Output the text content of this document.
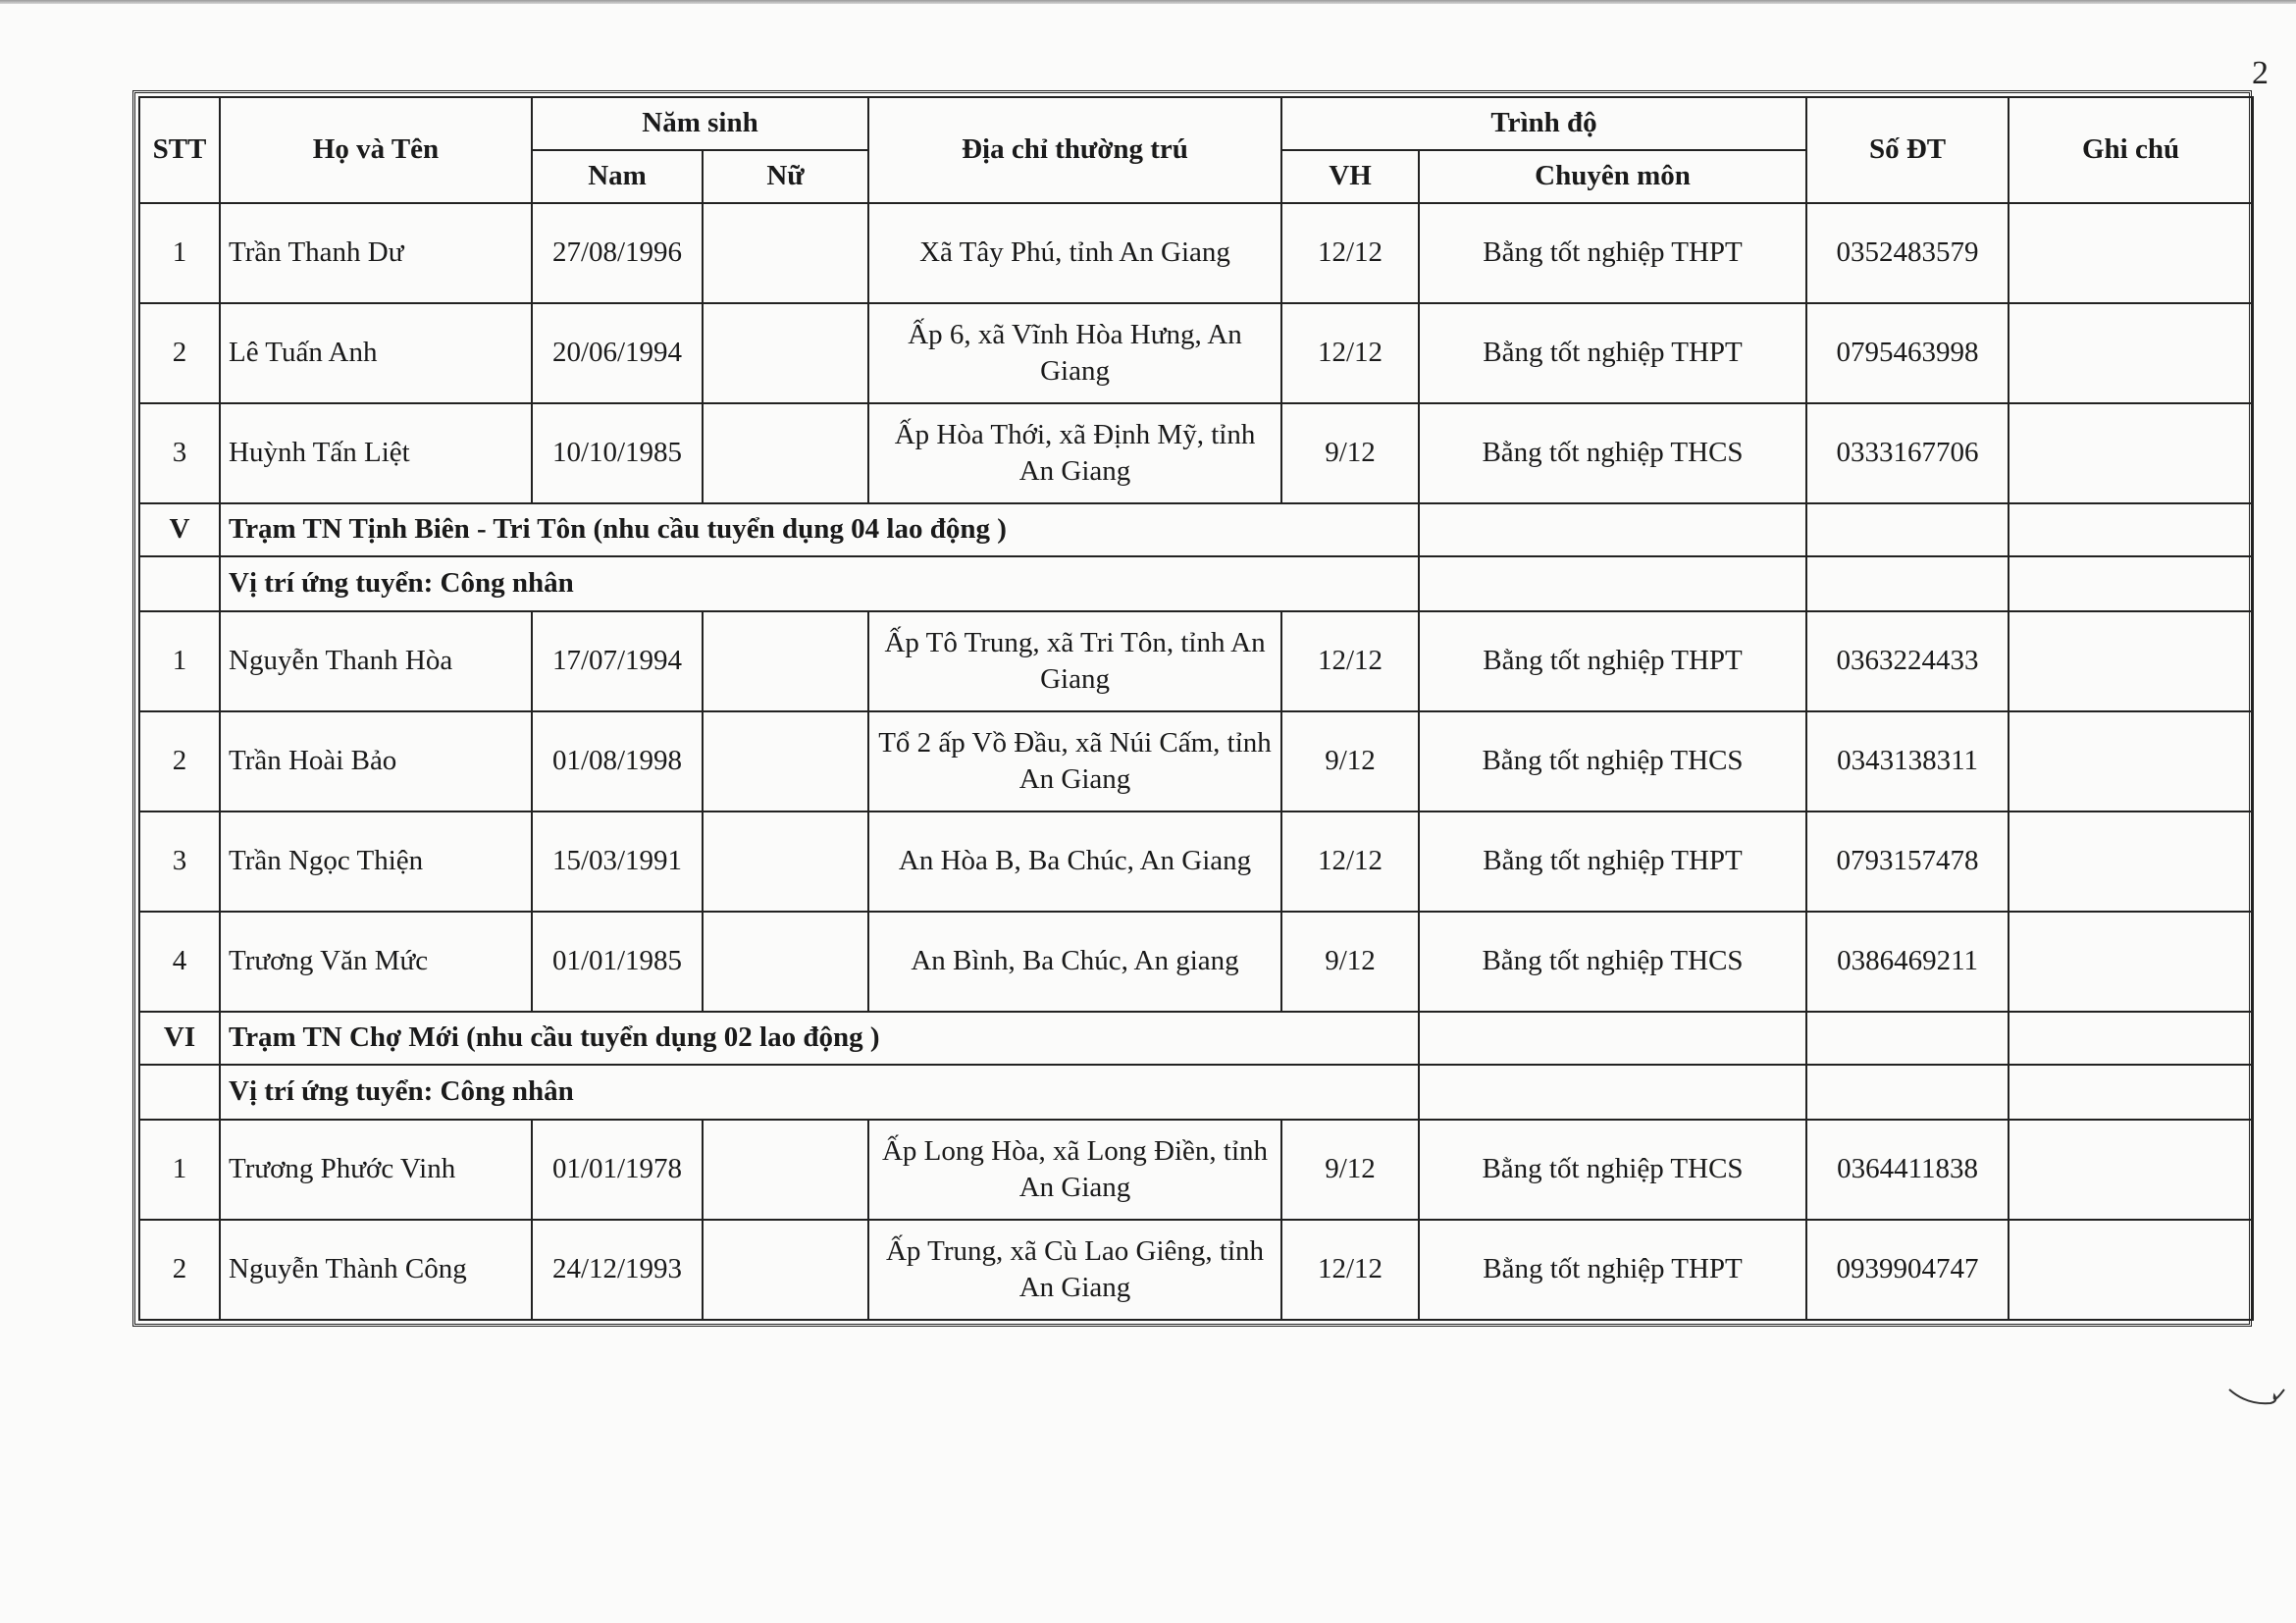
2
STT	Họ và Tên	Năm sinh		Địa chỉ thường trú	Trình độ		Số ĐT	Ghi chú
		Nam	Nữ		VH	Chuyên môn		
1	Trần Thanh Dư	27/08/1996		Xã Tây Phú, tỉnh An Giang	12/12	Bằng tốt nghiệp THPT	0352483579	
2	Lê Tuấn Anh	20/06/1994		Ấp 6, xã Vĩnh Hòa Hưng, An Giang	12/12	Bằng tốt nghiệp THPT	0795463998	
3	Huỳnh Tấn Liệt	10/10/1985		Ấp Hòa Thới, xã Định Mỹ, tỉnh An Giang	9/12	Bằng tốt nghiệp THCS	0333167706	
V	Trạm TN Tịnh Biên - Tri Tôn (nhu cầu tuyển dụng 04 lao động )							
	Vị trí ứng tuyển: Công nhân							
1	Nguyễn Thanh Hòa	17/07/1994		Ấp Tô Trung, xã Tri Tôn, tỉnh An Giang	12/12	Bằng tốt nghiệp THPT	0363224433	
2	Trần Hoài Bảo	01/08/1998		Tổ 2 ấp Vồ Đầu, xã Núi Cấm, tỉnh An Giang	9/12	Bằng tốt nghiệp THCS	0343138311	
3	Trần Ngọc Thiện	15/03/1991		An Hòa B, Ba Chúc, An Giang	12/12	Bằng tốt nghiệp THPT	0793157478	
4	Trương Văn Mức	01/01/1985		An Bình, Ba Chúc, An giang	9/12	Bằng tốt nghiệp THCS	0386469211	
VI	Trạm TN Chợ Mới (nhu cầu tuyển dụng 02 lao động )							
	Vị trí ứng tuyển: Công nhân							
1	Trương Phước Vinh	01/01/1978		Ấp Long Hòa, xã Long Điền, tỉnh An Giang	9/12	Bằng tốt nghiệp THCS	0364411838	
2	Nguyễn Thành Công	24/12/1993		Ấp Trung, xã Cù Lao Giêng, tỉnh An Giang	12/12	Bằng tốt nghiệp THPT	0939904747	
